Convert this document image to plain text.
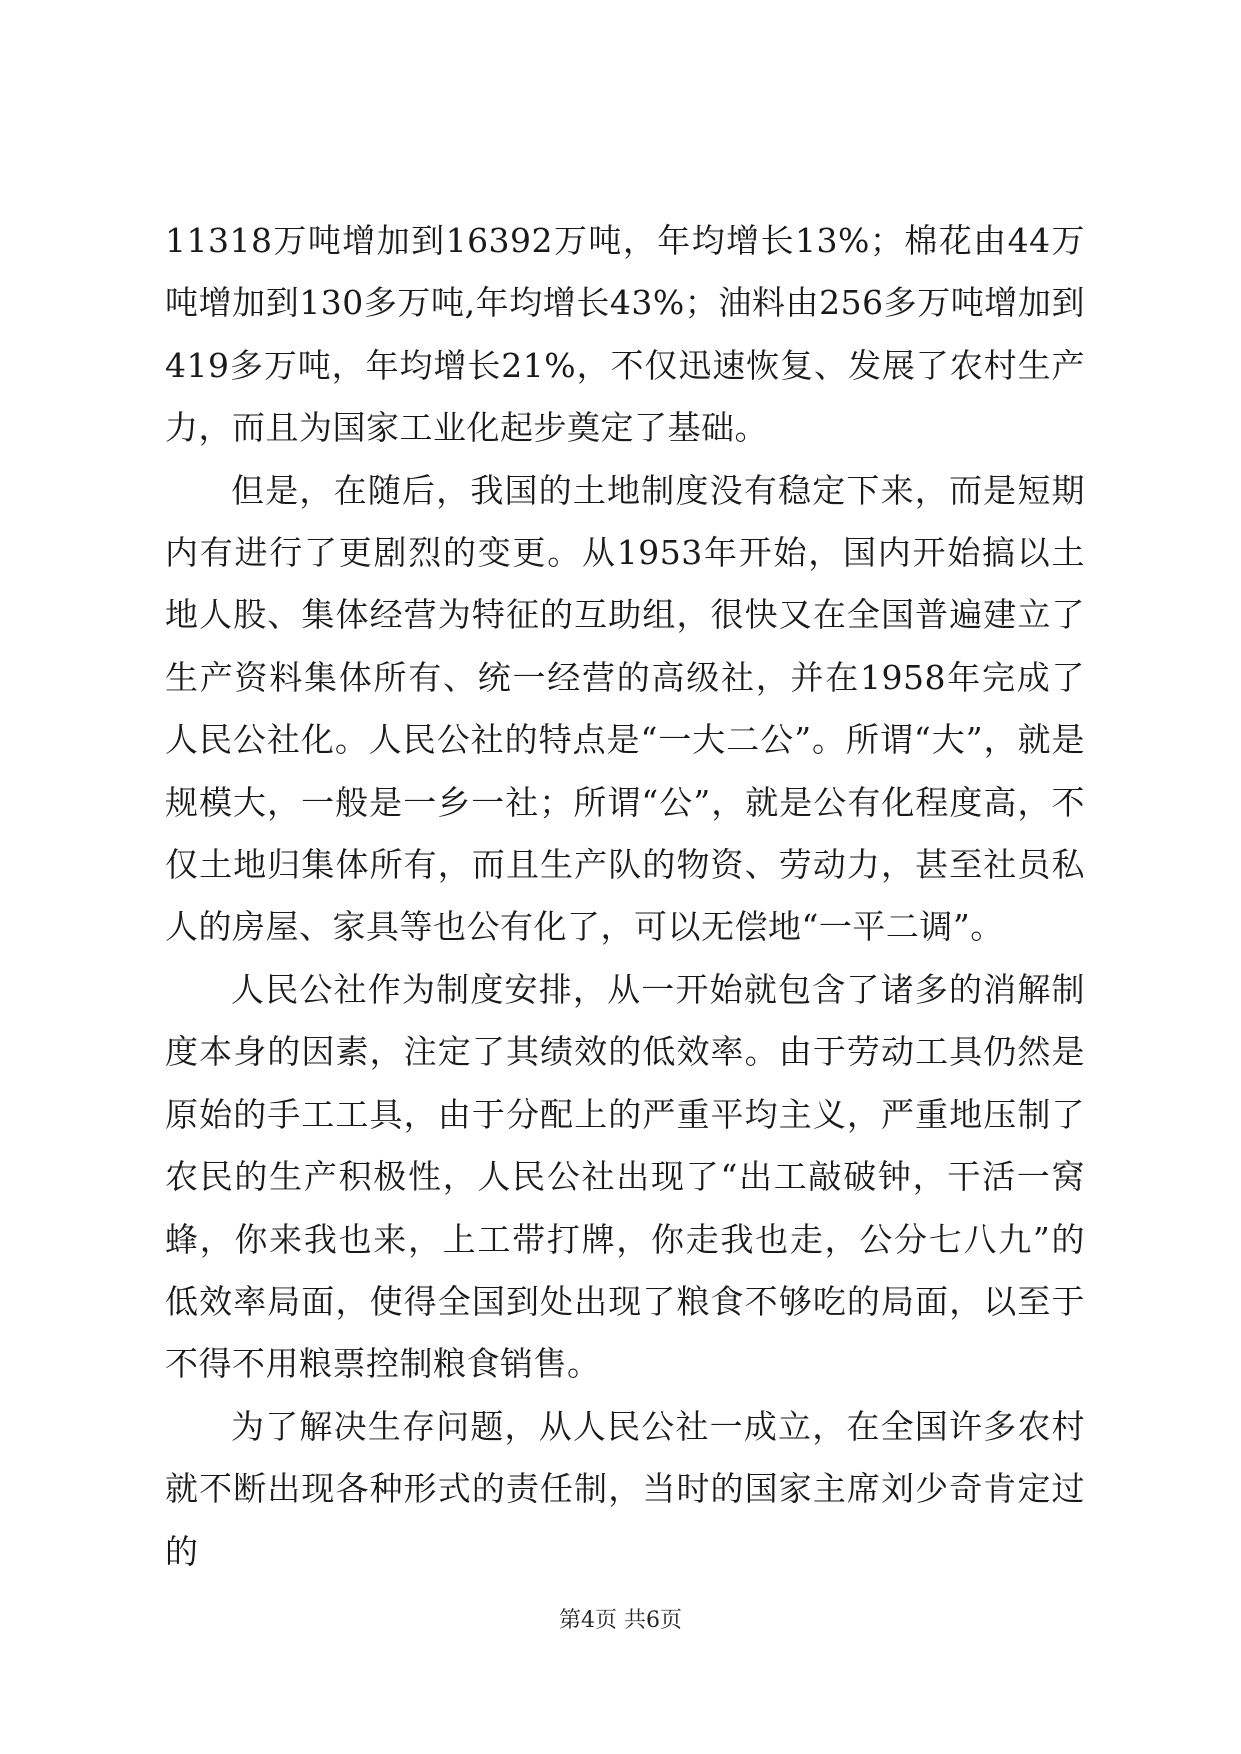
11318万吨增加到16392万吨，年均增长13%；棉花由44万吨增加到130多万吨,年均增长43%；油料由256多万吨增加到419多万吨，年均增长21%，不仅迅速恢复、发展了农村生产力，而且为国家工业化起步奠定了基础。

但是，在随后，我国的土地制度没有稳定下来，而是短期内有进行了更剧烈的变更。从1953年开始，国内开始搞以土地人股、集体经营为特征的互助组，很快又在全国普遍建立了生产资料集体所有、统一经营的高级社，并在1958年完成了人民公社化。人民公社的特点是“一大二公”。所谓“大”，就是规模大，一般是一乡一社；所谓“公”，就是公有化程度高，不仅土地归集体所有，而且生产队的物资、劳动力，甚至社员私人的房屋、家具等也公有化了，可以无偿地“一平二调”。

人民公社作为制度安排，从一开始就包含了诸多的消解制度本身的因素，注定了其绩效的低效率。由于劳动工具仍然是原始的手工工具，由于分配上的严重平均主义，严重地压制了农民的生产积极性，人民公社出现了“出工敲破钟，干活一窝蜂，你来我也来，上工带打牌，你走我也走，公分七八九”的低效率局面，使得全国到处出现了粮食不够吃的局面，以至于不得不用粮票控制粮食销售。

为了解决生存问题，从人民公社一成立，在全国许多农村就不断出现各种形式的责任制，当时的国家主席刘少奇肯定过的

第4页 共6页
